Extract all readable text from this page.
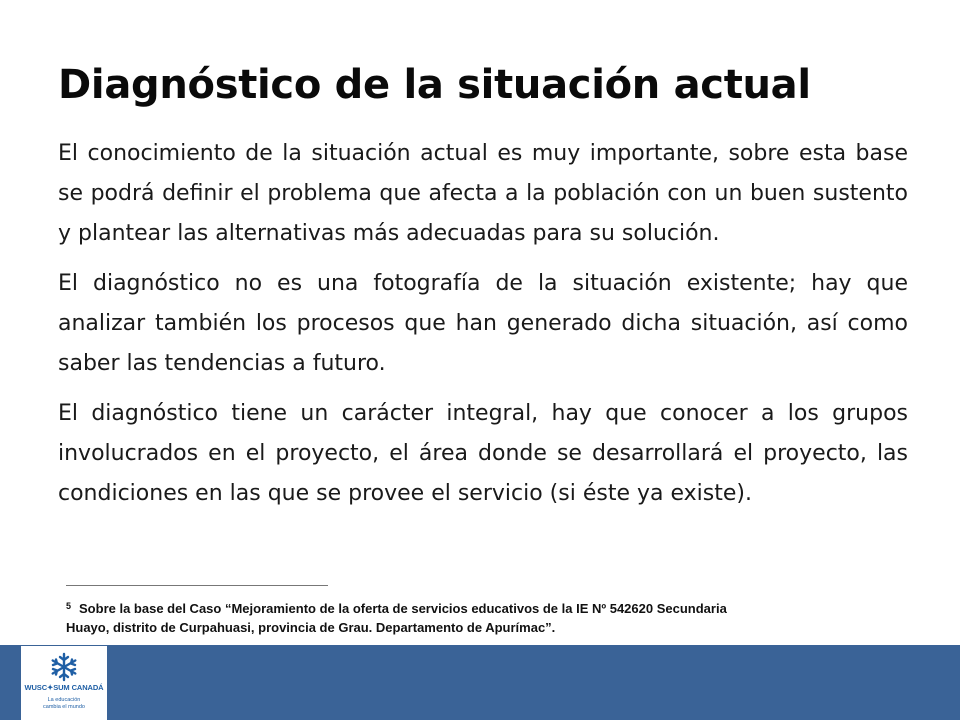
Diagnóstico de la situación actual

El conocimiento de la situación actual es muy importante, sobre esta base se podrá definir el problema que afecta a la población con un buen sustento y plantear las alternativas más adecuadas para su solución.

El diagnóstico no es una fotografía de la situación existente; hay que analizar también los procesos que han generado dicha situación, así como saber las tendencias a futuro.

El diagnóstico tiene un carácter integral, hay que conocer a los grupos involucrados en el proyecto, el área donde se desarrollará el proyecto, las condiciones en las que se provee el servicio (si éste ya existe).

$^5$ Sobre la base del Caso “Mejoramiento de la oferta de servicios educativos de la IE Nº 542620 Secundaria Huayo, distrito de Curpahuasi, provincia de Grau. Departamento de Apurímac”.
WUSC✦SUM CANADÁ
La educación
cambia el mundo
